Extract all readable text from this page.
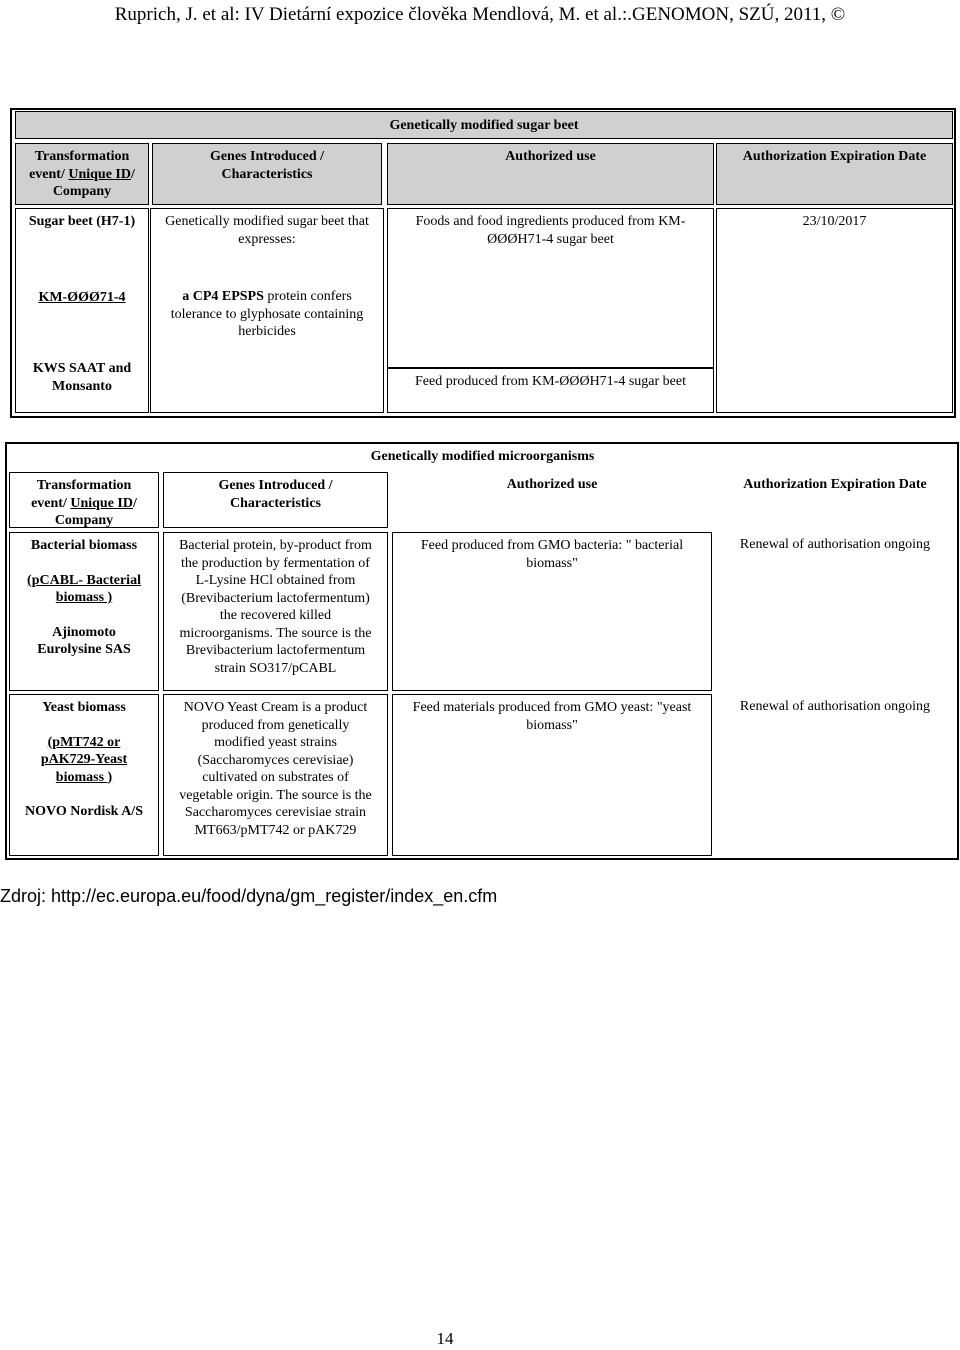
Ruprich, J. et al: IV Dietární expozice člověka Mendlová, M. et al.:.GENOMON, SZÚ, 2011, ©
Genetically modified sugar beet
Transformation
event/ Unique ID/
Company
Genes Introduced / Characteristics
Authorized use	Authorization Expiration Date
Sugar beet (H7-1)
KM-ØØØ71-4
KWS SAAT and Monsanto
Genetically modified sugar beet that expresses:
a CP4 EPSPS protein confers tolerance to glyphosate containing herbicides
Foods and food ingredients produced from KM-ØØØH71-4 sugar beet
Feed produced from KM-ØØØH71-4 sugar beet
23/10/2017
Genetically modified microorganisms
Transformation
event/ Unique ID/
Company
Genes Introduced / Characteristics
Authorized use	Authorization Expiration Date
Bacterial biomass
(pCABL- Bacterial biomass )
Ajinomoto Eurolysine SAS
Bacterial protein, by-product from the production by fermentation of L-Lysine HCl obtained from (Brevibacterium lactofermentum) the recovered killed microorganisms. The source is the Brevibacterium lactofermentum strain SO317/pCABL
Feed produced from GMO bacteria: " bacterial biomass"
Renewal of authorisation ongoing
Yeast biomass
(pMT742 or pAK729-Yeast biomass )
NOVO Nordisk A/S
NOVO Yeast Cream is a product produced from genetically modified yeast strains (Saccharomyces cerevisiae) cultivated on substrates of vegetable origin. The source is the Saccharomyces cerevisiae strain MT663/pMT742 or pAK729
Feed materials produced from GMO yeast: "yeast biomass"
Renewal of authorisation ongoing
Zdroj: http://ec.europa.eu/food/dyna/gm_register/index_en.cfm
14
